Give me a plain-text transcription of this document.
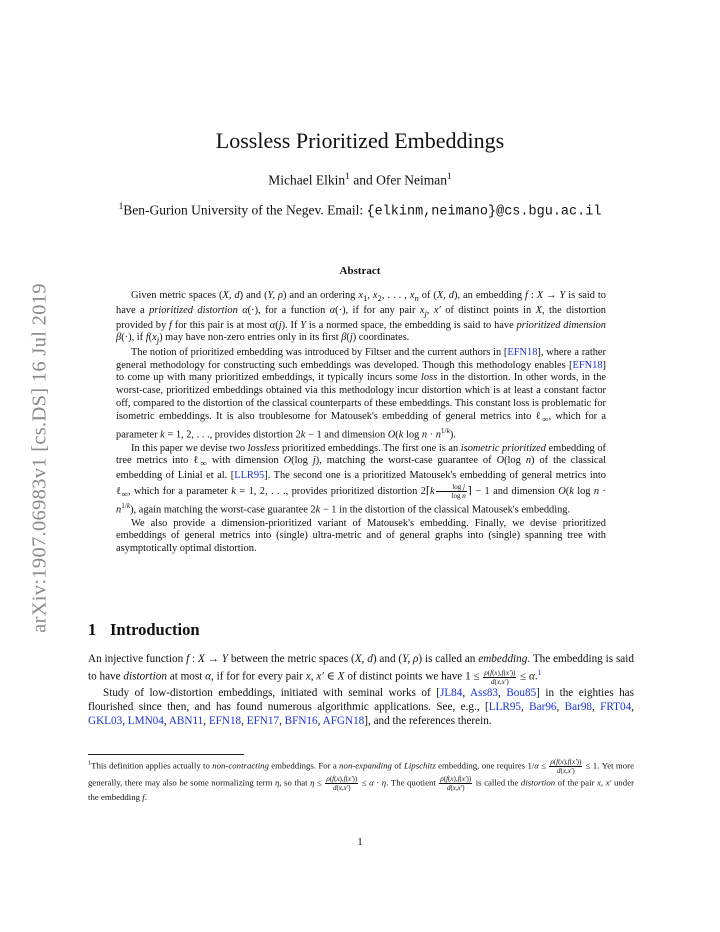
arXiv:1907.06983v1 [cs.DS] 16 Jul 2019
Lossless Prioritized Embeddings
Michael Elkin$^1$ and Ofer Neiman$^1$
$^1$Ben-Gurion University of the Negev. Email: {elkinm,neimano}@cs.bgu.ac.il
Abstract

Given metric spaces (X, d) and (Y, ρ) and an ordering $x_1$, $x_2$, . . . , $x_n$ of (X, d), an embedding f : X → Y is said to have a prioritized distortion α(·), for a function α(·), if for any pair $x_j$, x′ of distinct points in X, the distortion provided by f for this pair is at most α(j). If Y is a normed space, the embedding is said to have prioritized dimension β(·), if $f(x_j)$ may have non-zero entries only in its first β(j) coordinates.

The notion of prioritized embedding was introduced by Filtser and the current authors in [EFN18], where a rather general methodology for constructing such embeddings was developed. Though this methodology enables [EFN18] to come up with many prioritized embeddings, it typically incurs some loss in the distortion. In other words, in the worst-case, prioritized embeddings obtained via this methodology incur distortion which is at least a constant factor off, compared to the distortion of the classical counterparts of these embeddings. This constant loss is problematic for isometric embeddings. It is also troublesome for Matousek's embedding of general metrics into ℓ$_\infty$, which for a parameter k = 1, 2, . . ., provides distortion 2k − 1 and dimension O(k $\log n \cdot n^{1/k}$).

In this paper we devise two lossless prioritized embeddings. The first one is an isometric prioritized embedding of tree metrics into ℓ$_\infty$ with dimension O(log j), matching the worst-case guarantee of O(log n) of the classical embedding of Linial et al. [LLR95]. The second one is a prioritized Matousek's embedding of general metrics into ℓ$_\infty$, which for a parameter k = 1, 2, . . ., provides prioritized distortion 2⌈k $\frac{\text{log j}}{\text{log n}}$ ⌉ − 1 and dimension O(k $\log n \cdot n^{1/k}$), again matching the worst-case guarantee 2k − 1 in the distortion of the classical Matousek's embedding.

We also provide a dimension-prioritized variant of Matousek's embedding. Finally, we devise prioritized embeddings of general metrics into (single) ultra-metric and of general graphs into (single) spanning tree with asymptotically optimal distortion.

1 Introduction

An injective function f : X → Y between the metric spaces (X, d) and (Y, ρ) is called an embedding. The embedding is said to have distortion at most α, if for for every pair x, x′ ∈ X of distinct points we have $1 \le \frac{\rho(f(x),f(x'))}{d(x,x')} \le \alpha.^1$

Study of low-distortion embeddings, initiated with seminal works of [JL84, Ass83, Bou85] in the eighties has flourished since then, and has found numerous algorithmic applications. See, e.g., [LLR95, Bar96, Bar98, FRT04, GKL03, LMN04, ABN11, EFN18, EFN17, BFN16, AFGN18], and the references therein.

$^1$This definition applies actually to non-contracting embeddings. For a non-expanding of Lipschitz embedding, one requires $1/\alpha \le \frac{\rho(f(x),f(x'))}{d(x,x')} \le 1$. Yet more generally, there may also be some normalizing term η, so that $\eta \le \frac{\rho(f(x),f(x'))}{d(x,x')} \le \alpha \cdot \eta$. The quotient $\frac{\rho(f(x),f(x'))}{d(x,x')}$ is called the distortion of the pair x, x′ under the embedding f.
1
